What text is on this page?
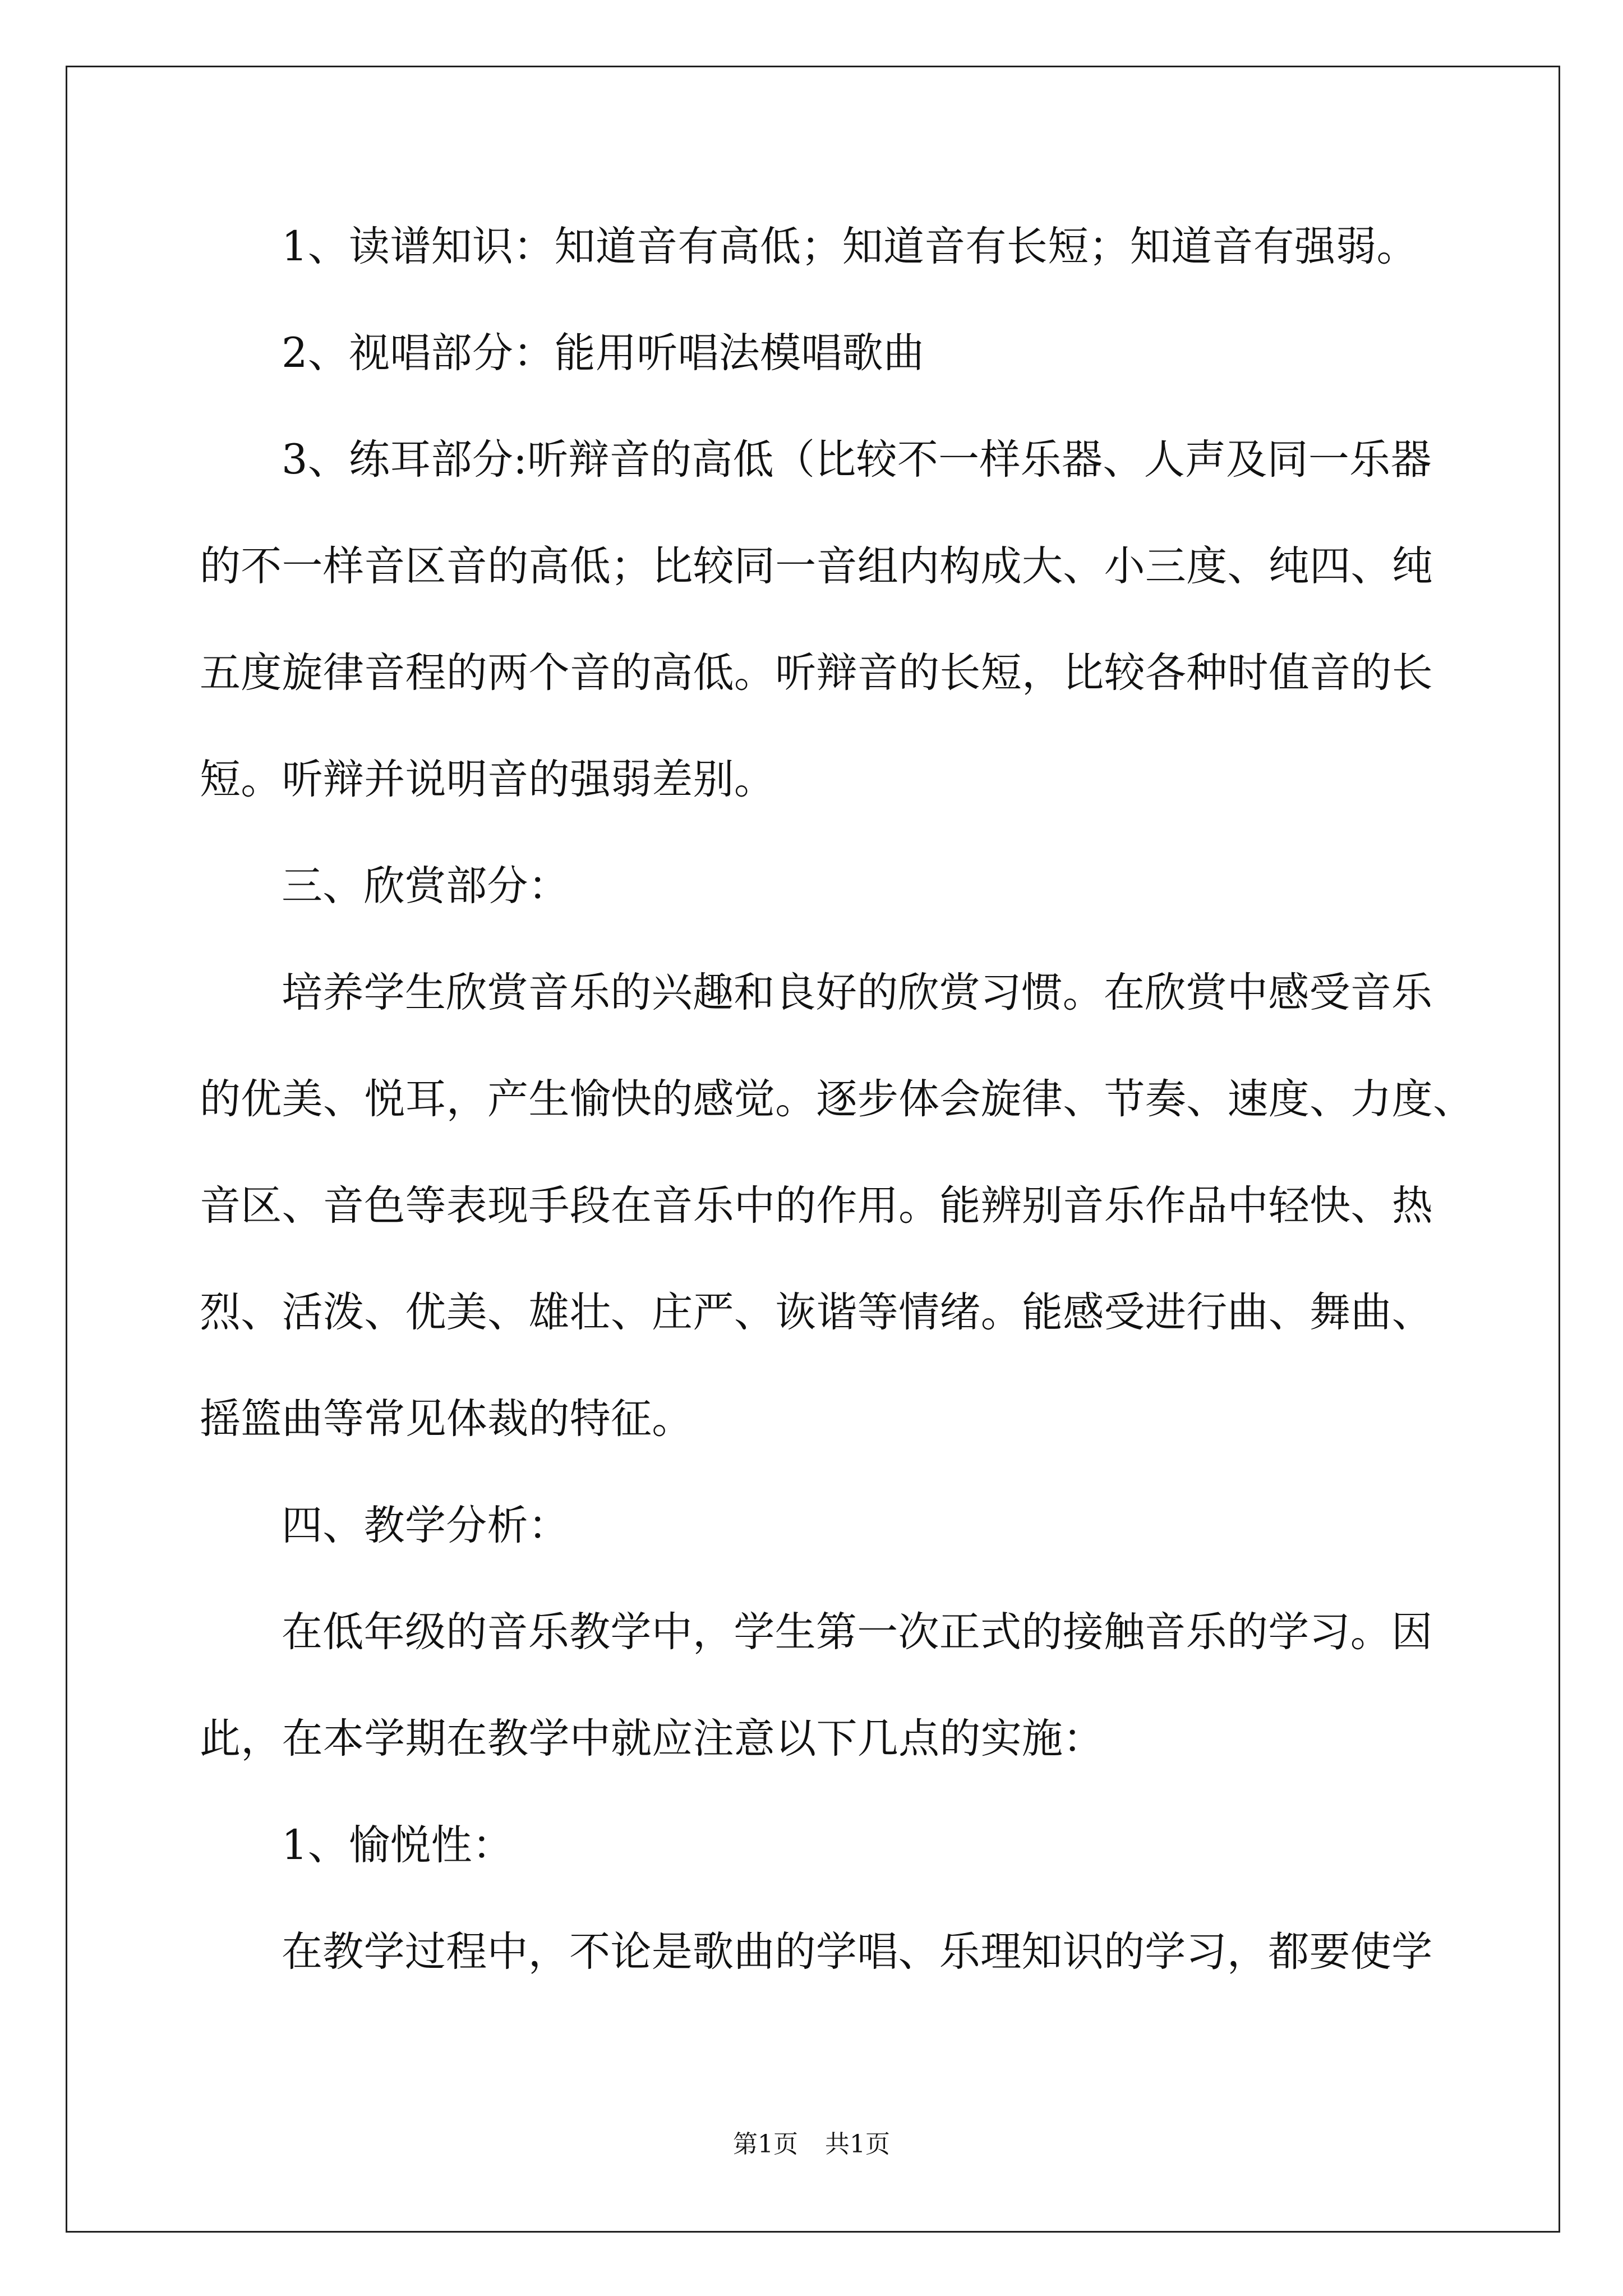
1、读谱知识：知道音有高低；知道音有长短；知道音有强弱。
2、视唱部分：能用听唱法模唱歌曲
3、练耳部分:听辩音的高低（比较不一样乐器、人声及同一乐器
的不一样音区音的高低；比较同一音组内构成大、小三度、纯四、纯
五度旋律音程的两个音的高低。听辩音的长短，比较各种时值音的长
短。听辩并说明音的强弱差别。
三、欣赏部分：
培养学生欣赏音乐的兴趣和良好的欣赏习惯。在欣赏中感受音乐
的优美、悦耳，产生愉快的感觉。逐步体会旋律、节奏、速度、力度、
音区、音色等表现手段在音乐中的作用。能辨别音乐作品中轻快、热
烈、活泼、优美、雄壮、庄严、诙谐等情绪。能感受进行曲、舞曲、
摇篮曲等常见体裁的特征。
四、教学分析：
在低年级的音乐教学中，学生第一次正式的接触音乐的学习。因
此，在本学期在教学中就应注意以下几点的实施：
1、愉悦性：
在教学过程中，不论是歌曲的学唱、乐理知识的学习，都要使学
第1页 共1页
